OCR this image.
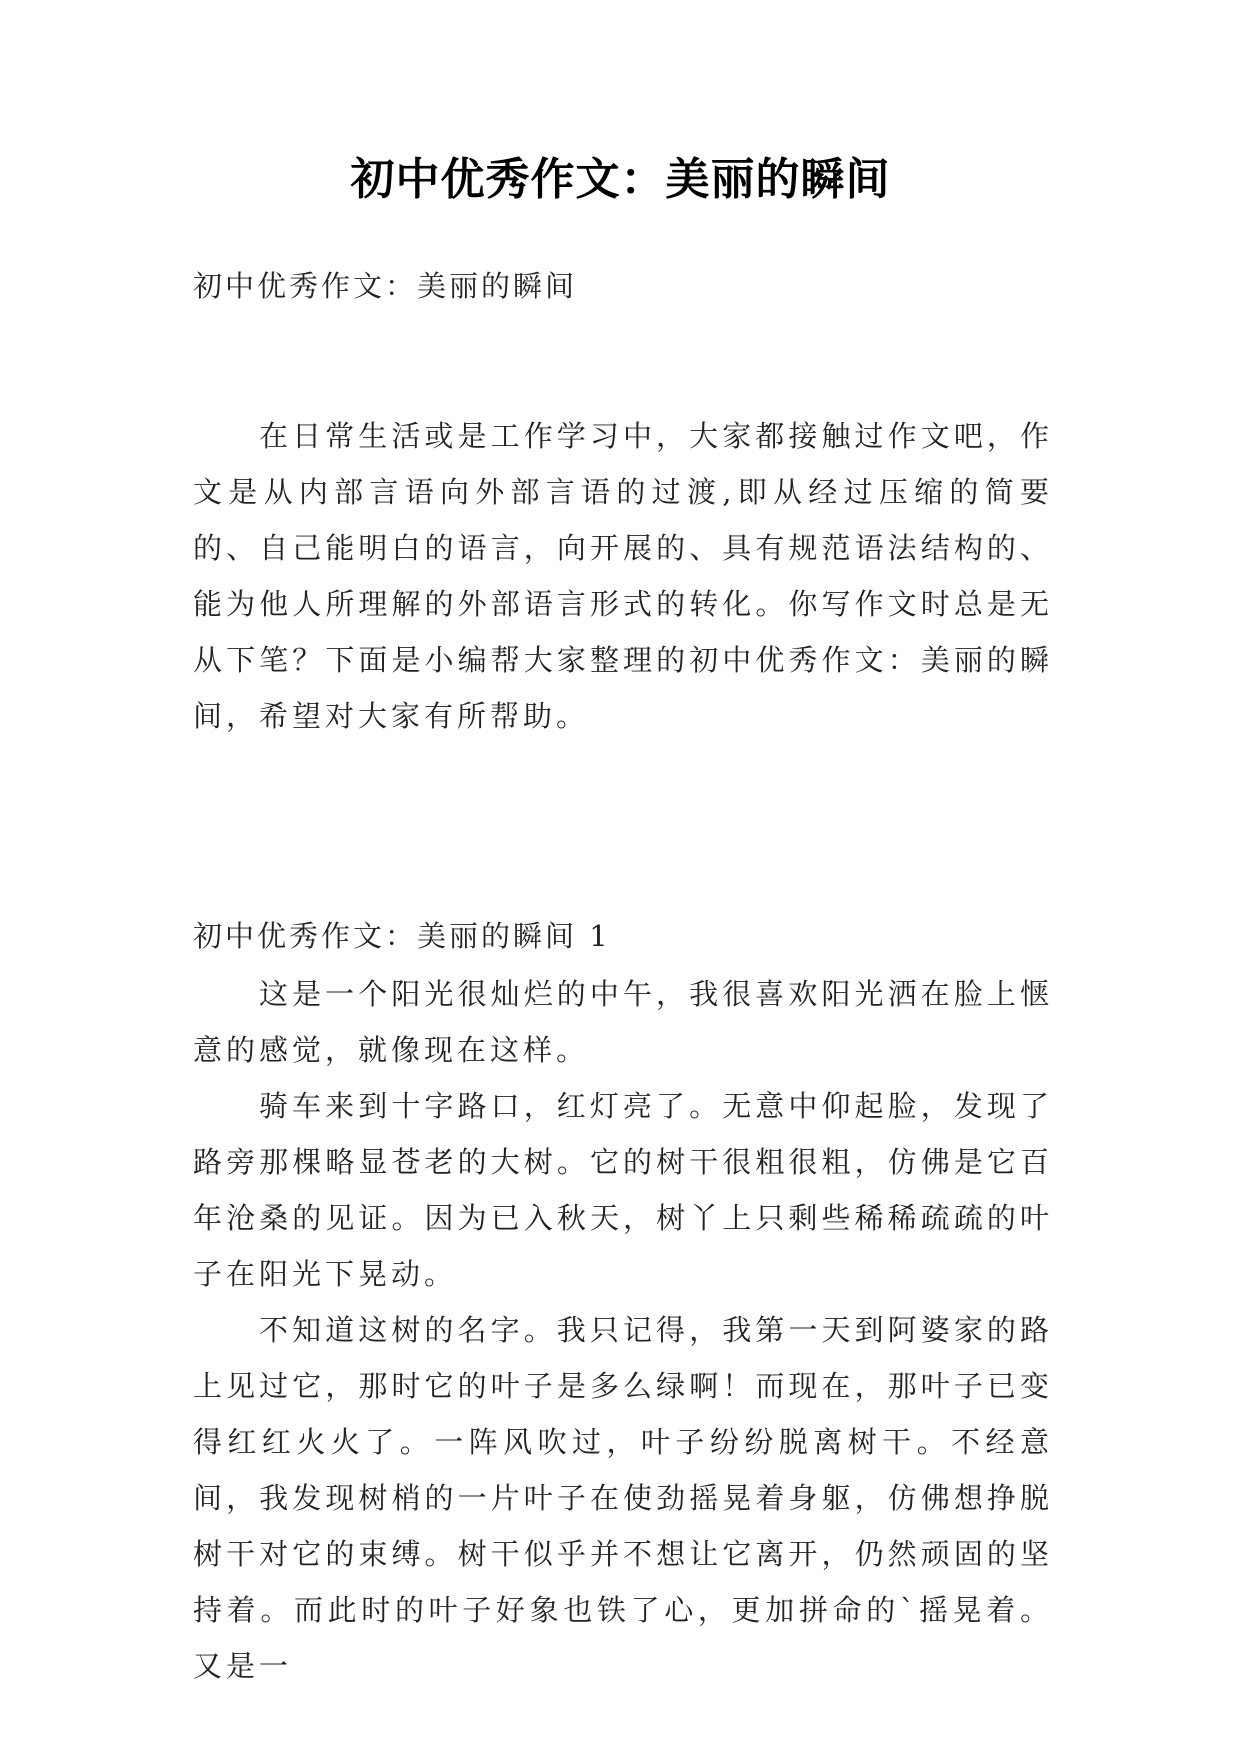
初中优秀作文：美丽的瞬间
初中优秀作文：美丽的瞬间
在日常生活或是工作学习中，大家都接触过作文吧，作文是从内部言语向外部言语的过渡,即从经过压缩的简要的、自己能明白的语言，向开展的、具有规范语法结构的、能为他人所理解的外部语言形式的转化。你写作文时总是无从下笔？下面是小编帮大家整理的初中优秀作文：美丽的瞬间，希望对大家有所帮助。
初中优秀作文：美丽的瞬间 1

这是一个阳光很灿烂的中午，我很喜欢阳光洒在脸上惬意的感觉，就像现在这样。

骑车来到十字路口，红灯亮了。无意中仰起脸，发现了路旁那棵略显苍老的大树。它的树干很粗很粗，仿佛是它百年沧桑的见证。因为已入秋天，树丫上只剩些稀稀疏疏的叶子在阳光下晃动。

不知道这树的名字。我只记得，我第一天到阿婆家的路上见过它，那时它的叶子是多么绿啊！而现在，那叶子已变得红红火火了。一阵风吹过，叶子纷纷脱离树干。不经意间，我发现树梢的一片叶子在使劲摇晃着身躯，仿佛想挣脱树干对它的束缚。树干似乎并不想让它离开，仍然顽固的坚持着。而此时的叶子好象也铁了心，更加拼命的`摇晃着。又是一
